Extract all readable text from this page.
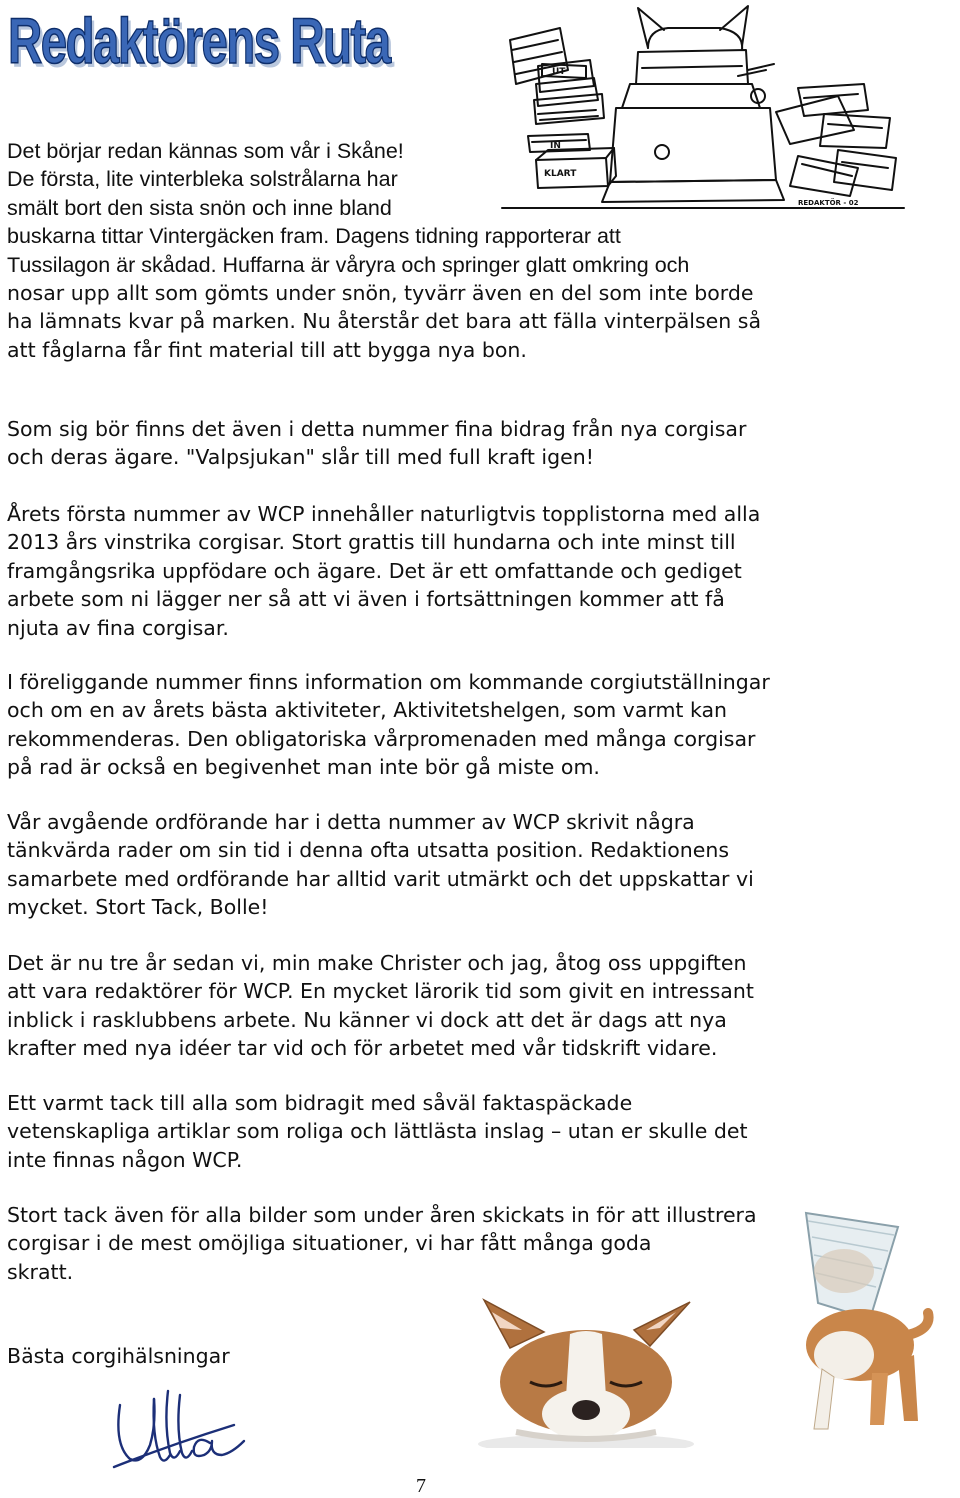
Redaktörens Ruta	UT
IN
KLART
REDAKTÖR - 02

Det börjar redan kännas som vår i Skåne!
De första, lite vinterbleka solstrålarna har
smält bort den sista snön och inne bland
buskarna tittar Vintergäcken fram. Dagens tidning rapporterar att
Tussilagon är skådad. Huffarna är våryra och springer glatt omkring och
nosar upp allt som gömts under snön, tyvärr även en del som inte borde
ha lämnats kvar på marken. Nu återstår det bara att fälla vinterpälsen så
att fåglarna får fint material till att bygga nya bon.

Som sig bör finns det även i detta nummer fina bidrag från nya corgisar
och deras ägare. "Valpsjukan" slår till med full kraft igen!

Årets första nummer av WCP innehåller naturligtvis topplistorna med alla
2013 års vinstrika corgisar. Stort grattis till hundarna och inte minst till
framgångsrika uppfödare och ägare. Det är ett omfattande och gediget
arbete som ni lägger ner så att vi även i fortsättningen kommer att få
njuta av fina corgisar.

I föreliggande nummer finns information om kommande corgiutställningar
och om en av årets bästa aktiviteter, Aktivitetshelgen, som varmt kan
rekommenderas. Den obligatoriska vårpromenaden med många corgisar
på rad är också en begivenhet man inte bör gå miste om.

Vår avgående ordförande har i detta nummer av WCP skrivit några
tänkvärda rader om sin tid i denna ofta utsatta position. Redaktionens
samarbete med ordförande har alltid varit utmärkt och det uppskattar vi
mycket. Stort Tack, Bolle!

Det är nu tre år sedan vi, min make Christer och jag, åtog oss uppgiften
att vara redaktörer för WCP. En mycket lärorik tid som givit en intressant
inblick i rasklubbens arbete. Nu känner vi dock att det är dags att nya
krafter med nya idéer tar vid och för arbetet med vår tidskrift vidare.

Ett varmt tack till alla som bidragit med såväl faktaspäckade
vetenskapliga artiklar som roliga och lättlästa inslag – utan er skulle det
inte finnas någon WCP.

Stort tack även för alla bilder som under åren skickats in för att illustrera
corgisar i de mest omöjliga situationer, vi har fått många goda
skratt.

Bästa corgihälsningar

7
